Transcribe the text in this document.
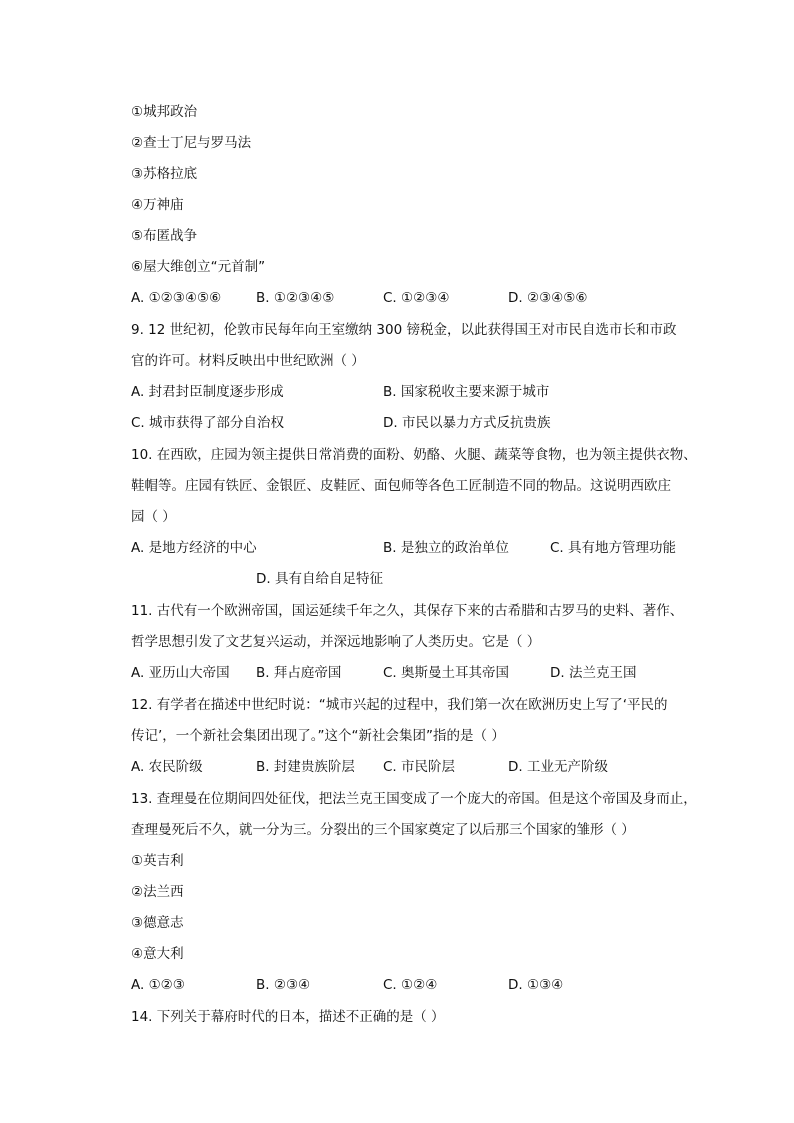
①城邦政治
②查士丁尼与罗马法
③苏格拉底
④万神庙
⑤布匿战争
⑥屋大维创立“元首制”
A. ①②③④⑤⑥	B. ①②③④⑤	C. ①②③④	D. ②③④⑤⑥
9. 12 世纪初，伦敦市民每年向王室缴纳 300 镑税金，以此获得国王对市民自选市长和市政
官的许可。材料反映出中世纪欧洲（ ）
A. 封君封臣制度逐步形成	B. 国家税收主要来源于城市
C. 城市获得了部分自治权	D. 市民以暴力方式反抗贵族
10. 在西欧，庄园为领主提供日常消费的面粉、奶酪、火腿、蔬菜等食物，也为领主提供衣物、
鞋帽等。庄园有铁匠、金银匠、皮鞋匠、面包师等各色工匠制造不同的物品。这说明西欧庄
园（ ）
A. 是地方经济的中心	B. 是独立的政治单位	C. 具有地方管理功能
D. 具有自给自足特征
11. 古代有一个欧洲帝国，国运延续千年之久，其保存下来的古希腊和古罗马的史料、著作、
哲学思想引发了文艺复兴运动，并深远地影响了人类历史。它是（ ）
A. 亚历山大帝国 B. 拜占庭帝国	C. 奥斯曼土耳其帝国	D. 法兰克王国
12. 有学者在描述中世纪时说：“城市兴起的过程中，我们第一次在欧洲历史上写了‘平民的
传记’，一个新社会集团出现了。”这个“新社会集团”指的是（ ）
A. 农民阶级	B. 封建贵族阶层 C. 市民阶层	D. 工业无产阶级
13. 查理曼在位期间四处征伐，把法兰克王国变成了一个庞大的帝国。但是这个帝国及身而止，
查理曼死后不久，就一分为三。分裂出的三个国家奠定了以后那三个国家的雏形（ ）
①英吉利
②法兰西
③德意志
④意大利
A. ①②③	B. ②③④	C. ①②④	D. ①③④
14. 下列关于幕府时代的日本，描述不正确的是（ ）
